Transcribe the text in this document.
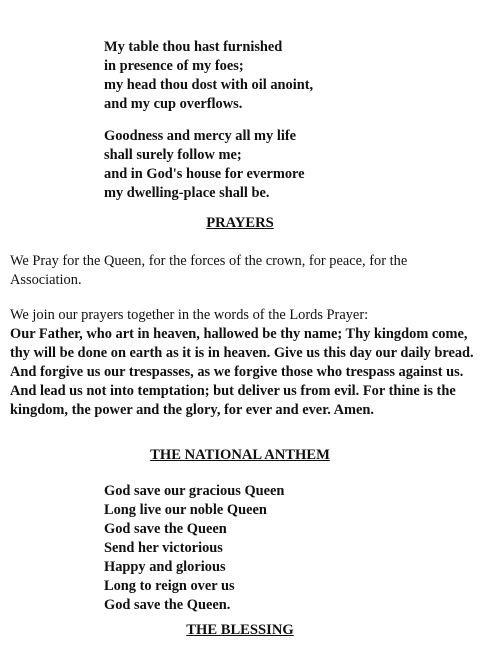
My table thou hast furnished
in presence of my foes;
my head thou dost with oil anoint,
and my cup overflows.
Goodness and mercy all my life
shall surely follow me;
and in God's house for evermore
my dwelling-place shall be.
PRAYERS
We Pray for the Queen, for the forces of the crown, for peace, for the Association.
We join our prayers together in the words of the Lords Prayer:
Our Father, who art in heaven, hallowed be thy name; Thy kingdom come, thy will be done on earth as it is in heaven. Give us this day our daily bread. And forgive us our trespasses, as we forgive those who trespass against us. And lead us not into temptation; but deliver us from evil. For thine is the kingdom, the power and the glory, for ever and ever. Amen.
THE NATIONAL ANTHEM
God save our gracious Queen
Long live our noble Queen
God save the Queen
Send her victorious
Happy and glorious
Long to reign over us
God save the Queen.
THE BLESSING
